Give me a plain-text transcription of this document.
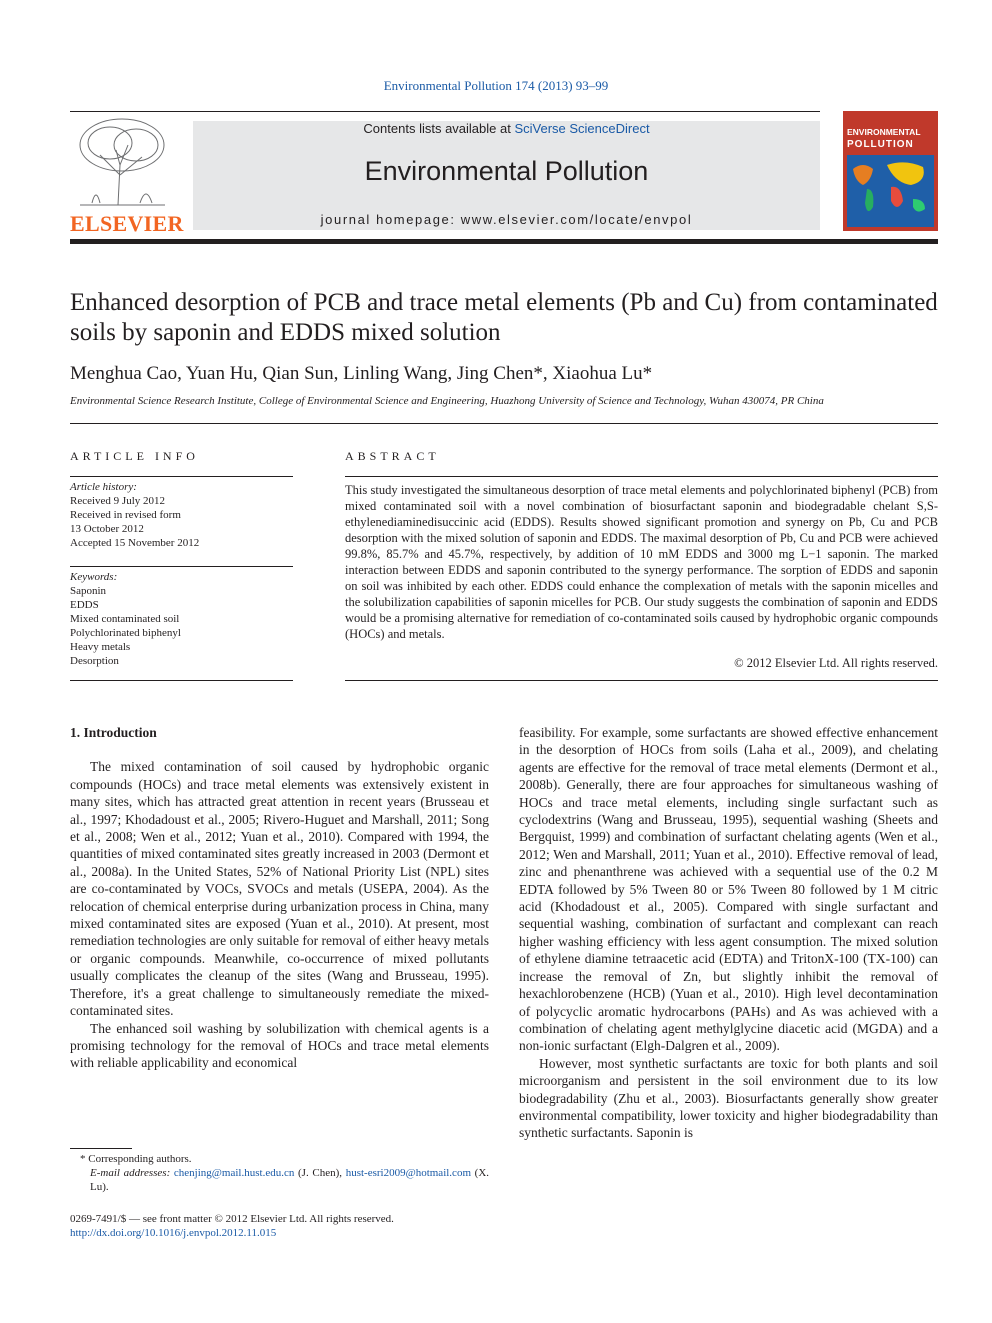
Environmental Pollution 174 (2013) 93–99
ELSEVIER
Contents lists available at SciVerse ScienceDirect
Environmental Pollution
journal homepage: www.elsevier.com/locate/envpol
ENVIRONMENTAL
POLLUTION
Enhanced desorption of PCB and trace metal elements (Pb and Cu) from contaminated soils by saponin and EDDS mixed solution
Menghua Cao, Yuan Hu, Qian Sun, Linling Wang, Jing Chen*, Xiaohua Lu*
Environmental Science Research Institute, College of Environmental Science and Engineering, Huazhong University of Science and Technology, Wuhan 430074, PR China
ARTICLE INFO
Article history:
Received 9 July 2012
Received in revised form
13 October 2012
Accepted 15 November 2012
Keywords:
Saponin
EDDS
Mixed contaminated soil
Polychlorinated biphenyl
Heavy metals
Desorption
ABSTRACT
This study investigated the simultaneous desorption of trace metal elements and polychlorinated biphenyl (PCB) from mixed contaminated soil with a novel combination of biosurfactant saponin and biodegradable chelant S,S-ethylenediaminedisuccinic acid (EDDS). Results showed significant promotion and synergy on Pb, Cu and PCB desorption with the mixed solution of saponin and EDDS. The maximal desorption of Pb, Cu and PCB were achieved 99.8%, 85.7% and 45.7%, respectively, by addition of 10 mM EDDS and 3000 mg L−1 saponin. The marked interaction between EDDS and saponin contributed to the synergy performance. The sorption of EDDS and saponin on soil was inhibited by each other. EDDS could enhance the complexation of metals with the saponin micelles and the solubilization capabilities of saponin micelles for PCB. Our study suggests the combination of saponin and EDDS would be a promising alternative for remediation of co-contaminated soils caused by hydrophobic organic compounds (HOCs) and metals.
© 2012 Elsevier Ltd. All rights reserved.
1. Introduction

The mixed contamination of soil caused by hydrophobic organic compounds (HOCs) and trace metal elements was extensively existent in many sites, which has attracted great attention in recent years (Brusseau et al., 1997; Khodadoust et al., 2005; Rivero-Huguet and Marshall, 2011; Song et al., 2008; Wen et al., 2012; Yuan et al., 2010). Compared with 1994, the quantities of mixed contaminated sites greatly increased in 2003 (Dermont et al., 2008a). In the United States, 52% of National Priority List (NPL) sites are co-contaminated by VOCs, SVOCs and metals (USEPA, 2004). As the relocation of chemical enterprise during urbanization process in China, many mixed contaminated sites are exposed (Yuan et al., 2010). At present, most remediation technologies are only suitable for removal of either heavy metals or organic compounds. Meanwhile, co-occurrence of mixed pollutants usually complicates the cleanup of the sites (Wang and Brusseau, 1995). Therefore, it's a great challenge to simultaneously remediate the mixed-contaminated sites.

The enhanced soil washing by solubilization with chemical agents is a promising technology for the removal of HOCs and trace metal elements with reliable applicability and economical

feasibility. For example, some surfactants are showed effective enhancement in the desorption of HOCs from soils (Laha et al., 2009), and chelating agents are effective for the removal of trace metal elements (Dermont et al., 2008b). Generally, there are four approaches for simultaneous washing of HOCs and trace metal elements, including single surfactant such as cyclodextrins (Wang and Brusseau, 1995), sequential washing (Sheets and Bergquist, 1999) and combination of surfactant chelating agents (Wen et al., 2012; Wen and Marshall, 2011; Yuan et al., 2010). Effective removal of lead, zinc and phenanthrene was achieved with a sequential use of the 0.2 M EDTA followed by 5% Tween 80 or 5% Tween 80 followed by 1 M citric acid (Khodadoust et al., 2005). Compared with single surfactant and sequential washing, combination of surfactant and complexant can reach higher washing efficiency with less agent consumption. The mixed solution of ethylene diamine tetraacetic acid (EDTA) and TritonX-100 (TX-100) can increase the removal of Zn, but slightly inhibit the removal of hexachlorobenzene (HCB) (Yuan et al., 2010). High level decontamination of polycyclic aromatic hydrocarbons (PAHs) and As was achieved with a combination of chelating agent methylglycine diacetic acid (MGDA) and a non-ionic surfactant (Elgh-Dalgren et al., 2009).

However, most synthetic surfactants are toxic for both plants and soil microorganism and persistent in the soil environment due to its low biodegradability (Zhu et al., 2003). Biosurfactants generally show greater environmental compatibility, lower toxicity and higher biodegradability than synthetic surfactants. Saponin is

* Corresponding authors.
E-mail addresses: chenjing@mail.hust.edu.cn (J. Chen), hust-esri2009@hotmail.com (X. Lu).
0269-7491/$ — see front matter © 2012 Elsevier Ltd. All rights reserved.
http://dx.doi.org/10.1016/j.envpol.2012.11.015
